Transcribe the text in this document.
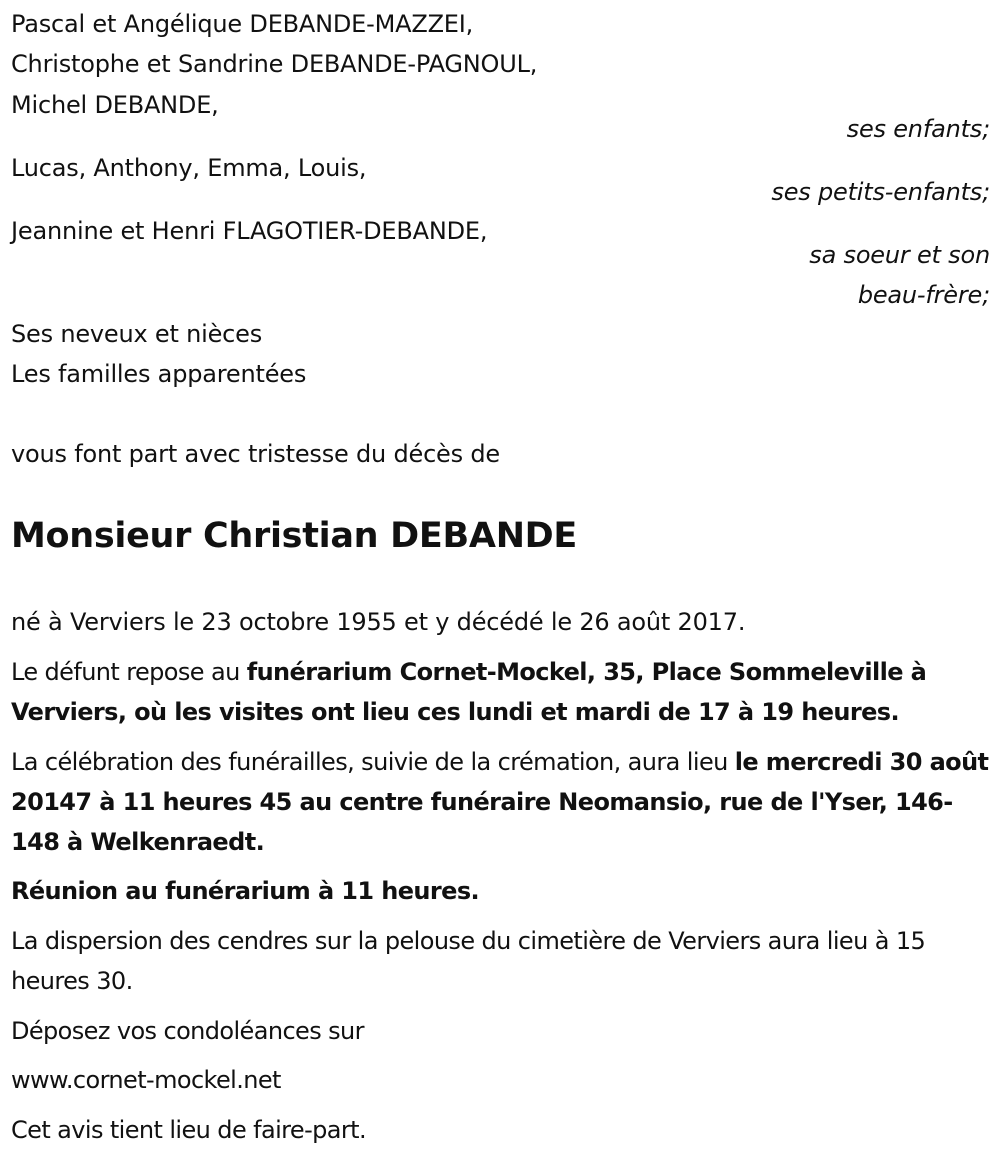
Pascal et Angélique DEBANDE-MAZZEI,
Christophe et Sandrine DEBANDE-PAGNOUL,
Michel DEBANDE,
ses enfants;
Lucas, Anthony, Emma, Louis,
ses petits-enfants;
Jeannine et Henri FLAGOTIER-DEBANDE,
sa soeur et son
beau-frère;
Ses neveux et nièces
Les familles apparentées
vous font part avec tristesse du décès de
Monsieur Christian DEBANDE
né à Verviers le 23 octobre 1955 et y décédé le 26 août 2017.
Le défunt repose au funérarium Cornet-Mockel, 35, Place Sommeleville à Verviers, où les visites ont lieu ces lundi et mardi de 17 à 19 heures.
La célébration des funérailles, suivie de la crémation, aura lieu le mercredi 30 août 20147 à 11 heures 45 au centre funéraire Neomansio, rue de l'Yser, 146-148 à Welkenraedt.
Réunion au funérarium à 11 heures.
La dispersion des cendres sur la pelouse du cimetière de Verviers aura lieu à 15 heures 30.
Déposez vos condoléances sur
www.cornet-mockel.net
Cet avis tient lieu de faire-part.
